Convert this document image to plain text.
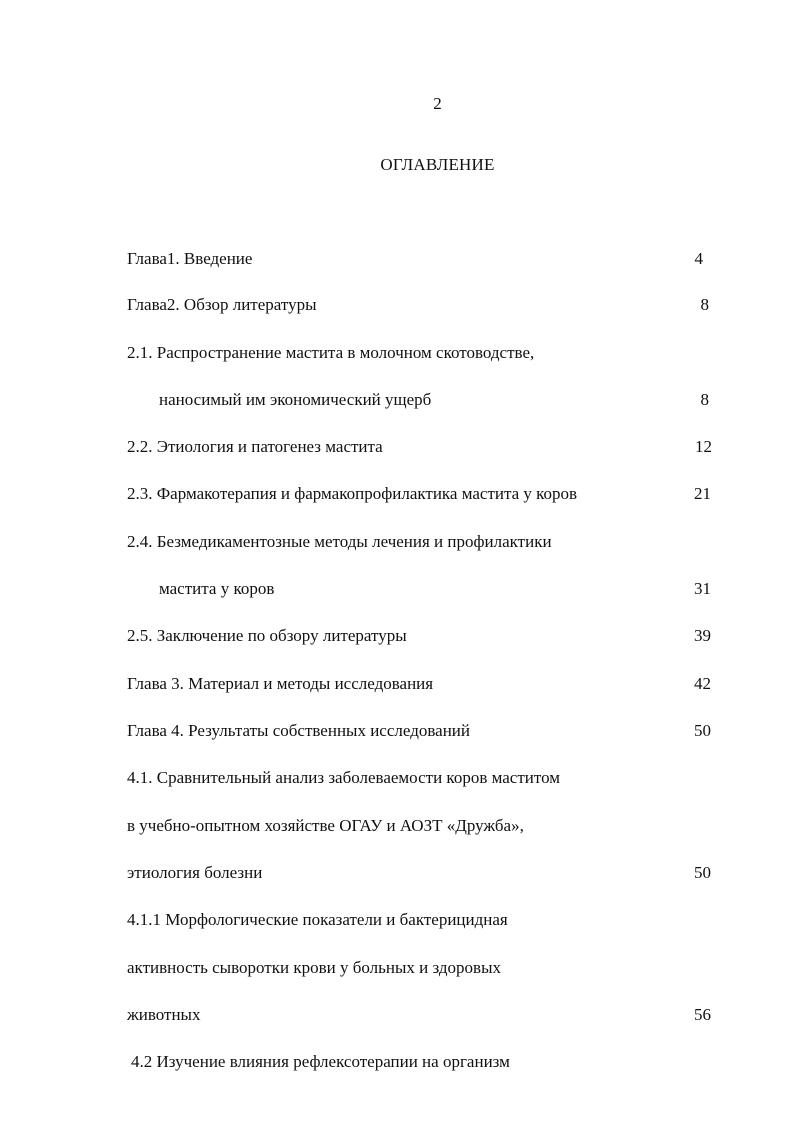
2
ОГЛАВЛЕНИЕ
Глава1. Введение	4
Глава2. Обзор литературы	8
2.1. Распространение мастита в молочном скотоводстве,
наносимый им экономический ущерб	8
2.2. Этиология и патогенез мастита	12
2.3. Фармакотерапия и фармакопрофилактика мастита у коров	21
2.4. Безмедикаментозные методы лечения и профилактики
мастита у коров	31
2.5. Заключение по обзору литературы	39
Глава 3. Материал и методы исследования	42
Глава 4. Результаты собственных исследований	50
4.1. Сравнительный анализ заболеваемости коров маститом
в учебно-опытном хозяйстве ОГАУ и АОЗТ «Дружба»,
этиология болезни	50
4.1.1 Морфологические показатели и бактерицидная
активность сыворотки крови у больных и здоровых
животных	56
4.2 Изучение влияния рефлексотерапии на организм
